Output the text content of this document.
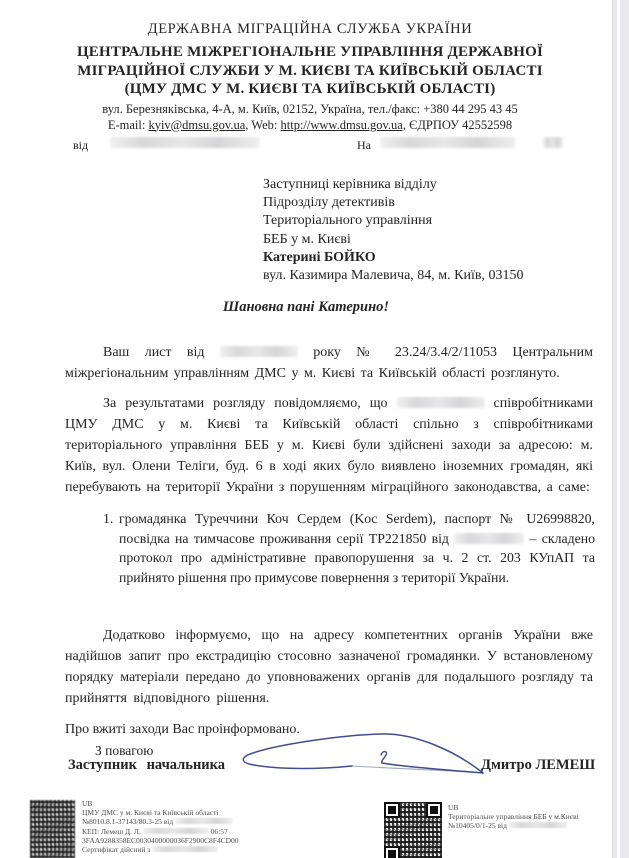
ДЕРЖАВНА МІГРАЦІЙНА СЛУЖБА УКРАЇНИ
ЦЕНТРАЛЬНЕ МІЖРЕГІОНАЛЬНЕ УПРАВЛІННЯ ДЕРЖАВНОЇ
МІГРАЦІЙНОЇ СЛУЖБИ У М. КИЄВІ ТА КИЇВСЬКІЙ ОБЛАСТІ
(ЦМУ ДМС У М. КИЄВІ ТА КИЇВСЬКІЙ ОБЛАСТІ)
вул. Березняківська, 4-А, м. Київ, 02152, Україна, тел./факс: +380 44 295 43 45
E-mail: kyiv@dmsu.gov.ua, Web: http://www.dmsu.gov.ua, ЄДРПОУ 42552598
від	На
Заступниці керівника відділу
Підрозділу детективів
Територіального управління
БЕБ у м. Києві
Катерині БОЙКО
вул. Казимира Малевича, 84, м. Київ, 03150
Шановна пані Катерино!

Ваш лист від	року № 23.24/3.4/2/11053 Центральним міжрегіональним управлінням ДМС у м. Києві та Київській області розглянуто.

За результатами розгляду повідомляємо, що	співробітниками ЦМУ ДМС у м. Києві та Київській області спільно з співробітниками територіального управління БЕБ у м. Києві були здійснені заходи за адресою: м. Київ, вул. Олени Теліги, буд. 6 в ході яких було виявлено іноземних громадян, які перебувають на території України з порушенням міграційного законодавства, а саме:

1. громадянка Туреччини Коч Сердем (Koc Serdem), паспорт № U26998820, посвідка на тимчасове проживання серії ТР221850 від	– складено протокол про адміністративне правопорушення за ч. 2 ст. 203 КУпАП та прийнято рішення про примусове повернення з території України.

Додатково інформуємо, що на адресу компетентних органів України вже надійшов запит про екстрадицію стосовно зазначеної громадянки. У встановленому порядку матеріали передано до уповноважених органів для подальшого розгляду та прийняття відповідного рішення.

Про вжиті заходи Вас проінформовано.

З повагою
Заступник начальника	Дмитро ЛЕМЕШ
UB
ЦМУ ДМС у м. Києві та Київській області
№8010.8.1-37143/80.3-25 від
КЕП: Лемеш Д. Л.	06:57
3FAA9288358EC0030400000036F2900C8F4CD00
Сертифікат дійсний з
UB
Територіальне управління БЕБ у м.Києві
№10405/0/1-25 від
